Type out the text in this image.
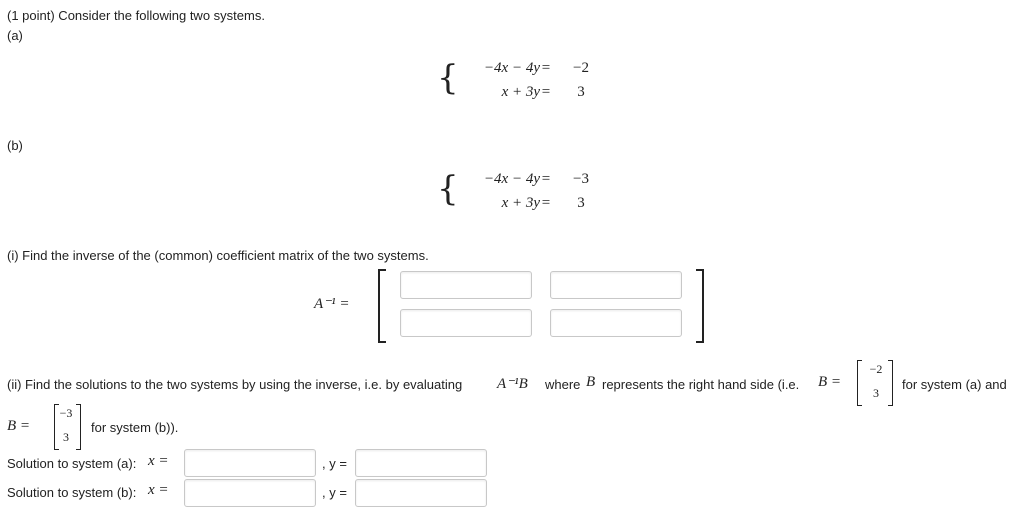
(1 point) Consider the following two systems.
(a)
{	−4x − 4y =	−2
x + 3y =	3
(b)
{	−4x − 4y =	−3
x + 3y =	3
(i) Find the inverse of the (common) coefficient matrix of the two systems.
A⁻¹ =
(ii) Find the solutions to the two systems by using the inverse, i.e. by evaluating A⁻¹B where B represents the right hand side (i.e. B =
−2
3
for system (a) and
B =
−3
3
for system (b)).
Solution to system (a): x =	, y =
Solution to system (b): x =	, y =
